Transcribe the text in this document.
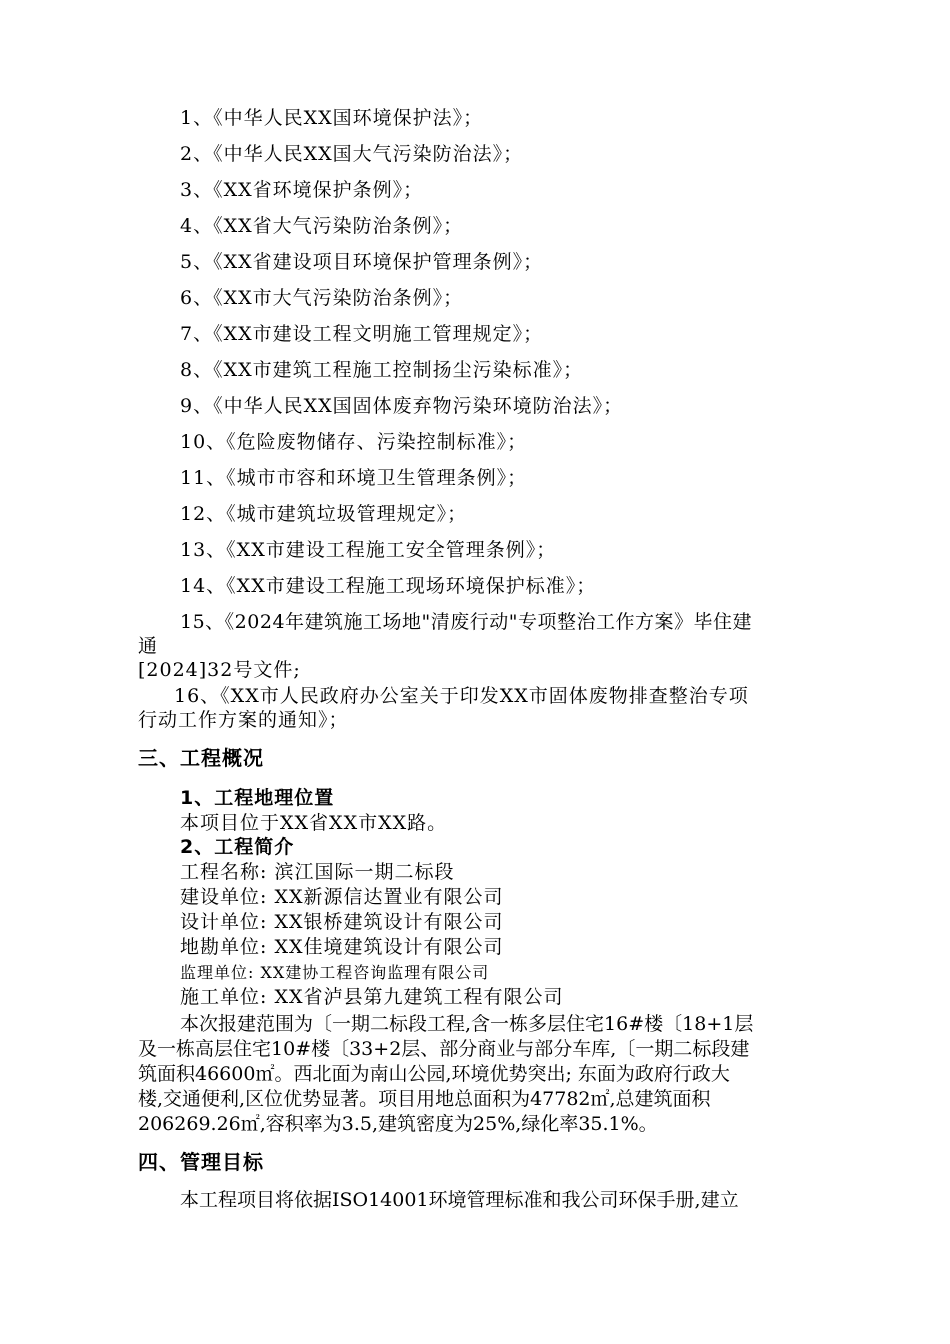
1、《中华人民XX国环境保护法》；
2、《中华人民XX国大气污染防治法》；
3、《XX省环境保护条例》；
4、《XX省大气污染防治条例》；
5、《XX省建设项目环境保护管理条例》；
6、《XX市大气污染防治条例》；
7、《XX市建设工程文明施工管理规定》；
8、《XX市建筑工程施工控制扬尘污染标准》；
9、《中华人民XX国固体废弃物污染环境防治法》；
10、《危险废物储存、污染控制标准》；
11、《城市市容和环境卫生管理条例》；
12、《城市建筑垃圾管理规定》；
13、《XX市建设工程施工安全管理条例》；
14、《XX市建设工程施工现场环境保护标准》；
15、《2024年建筑施工场地"清废行动"专项整治工作方案》毕住建
通
[2024]32号文件;
16、《XX市人民政府办公室关于印发XX市固体废物排查整治专项
行动工作方案的通知》；
三、工程概况
1、工程地理位置
本项目位于XX省XX市XX路。
2、工程简介
工程名称: 滨江国际一期二标段
建设单位: XX新源信达置业有限公司
设计单位: XX银桥建筑设计有限公司
地勘单位: XX佳境建筑设计有限公司
监理单位: XX建协工程咨询监理有限公司
施工单位: XX省泸县第九建筑工程有限公司
本次报建范围为〔一期二标段工程,含一栋多层住宅16#楼〔18+1层
及一栋高层住宅10#楼〔33+2层、部分商业与部分车库,〔一期二标段建
筑面积46600㎡。西北面为南山公园,环境优势突出; 东面为政府行政大
楼,交通便利,区位优势显著。项目用地总面积为47782㎡,总建筑面积
206269.26㎡,容积率为3.5,建筑密度为25%,绿化率35.1%。
四、管理目标
本工程项目将依据ISO14001环境管理标准和我公司环保手册,建立
